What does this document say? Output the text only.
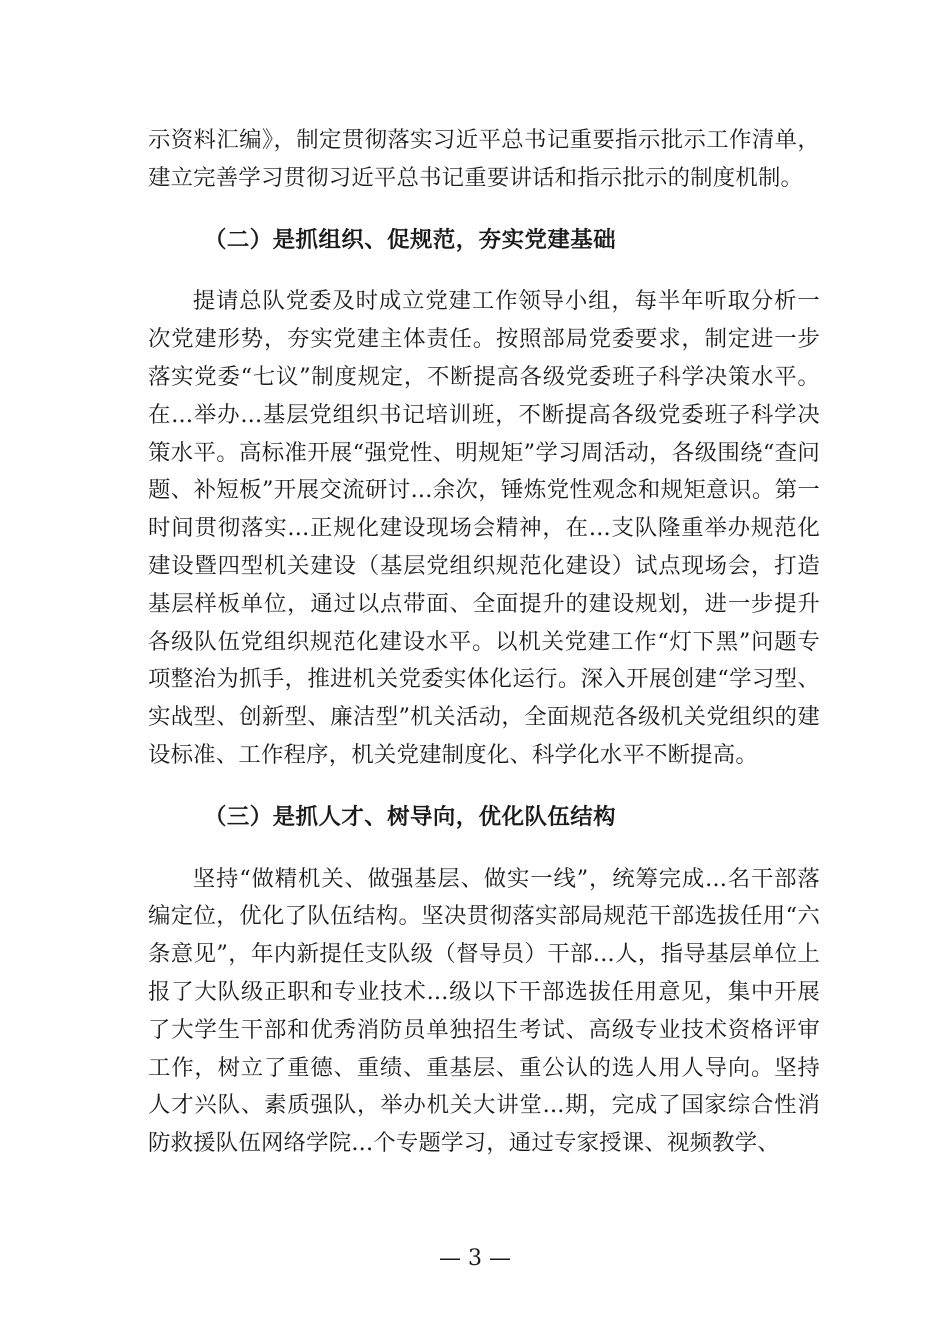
示资料汇编》，制定贯彻落实习近平总书记重要指示批示工作清单，建立完善学习贯彻习近平总书记重要讲话和指示批示的制度机制。

（二）是抓组织、促规范，夯实党建基础

提请总队党委及时成立党建工作领导小组，每半年听取分析一次党建形势，夯实党建主体责任。按照部局党委要求，制定进一步落实党委“七议”制度规定，不断提高各级党委班子科学决策水平。在...举办...基层党组织书记培训班，不断提高各级党委班子科学决策水平。高标准开展“强党性、明规矩”学习周活动，各级围绕“查问题、补短板”开展交流研讨...余次，锤炼党性观念和规矩意识。第一时间贯彻落实...正规化建设现场会精神，在...支队隆重举办规范化建设暨四型机关建设（基层党组织规范化建设）试点现场会，打造基层样板单位，通过以点带面、全面提升的建设规划，进一步提升各级队伍党组织规范化建设水平。以机关党建工作“灯下黑”问题专项整治为抓手，推进机关党委实体化运行。深入开展创建“学习型、实战型、创新型、廉洁型”机关活动，全面规范各级机关党组织的建设标准、工作程序，机关党建制度化、科学化水平不断提高。

（三）是抓人才、树导向，优化队伍结构

坚持“做精机关、做强基层、做实一线”，统筹完成...名干部落编定位，优化了队伍结构。坚决贯彻落实部局规范干部选拔任用“六条意见”，年内新提任支队级（督导员）干部...人，指导基层单位上报了大队级正职和专业技术...级以下干部选拔任用意见，集中开展了大学生干部和优秀消防员单独招生考试、高级专业技术资格评审工作，树立了重德、重绩、重基层、重公认的选人用人导向。坚持人才兴队、素质强队，举办机关大讲堂...期，完成了国家综合性消防救援队伍网络学院...个专题学习，通过专家授课、视频教学、

— 3 —
